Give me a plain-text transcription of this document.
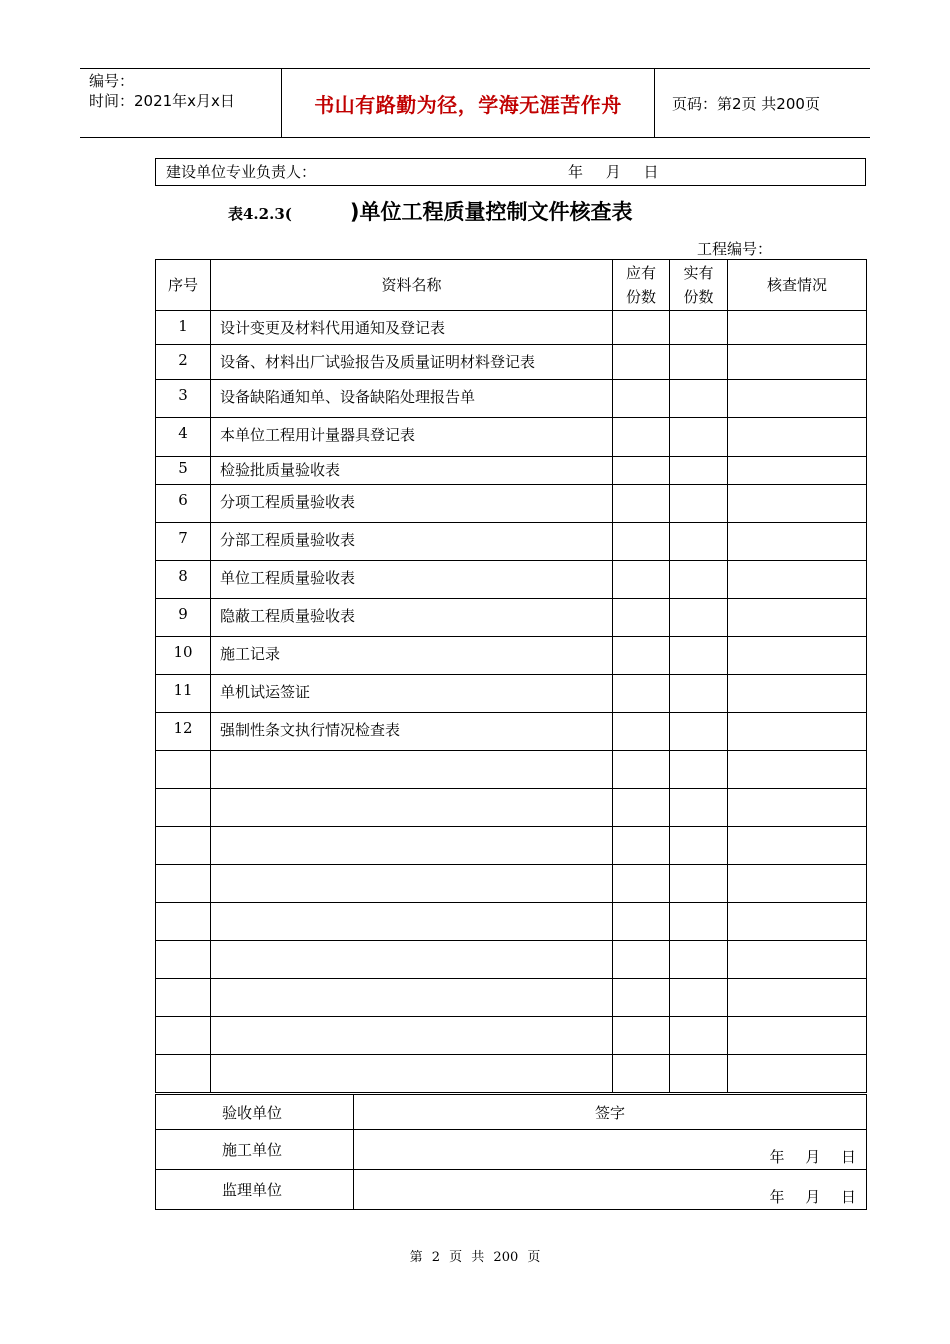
编号：
时间：2021年x月x日	书山有路勤为径，学海无涯苦作舟	页码：第2页 共200页
建设单位专业负责人：	年 月 日
表4.2.3(	)单位工程质量控制文件核查表
工程编号：
序号	资料名称	应有份数	实有份数	核查情况
1	设计变更及材料代用通知及登记表			
2	设备、材料出厂试验报告及质量证明材料登记表			
3	设备缺陷通知单、设备缺陷处理报告单			
4	本单位工程用计量器具登记表			
5	检验批质量验收表			
6	分项工程质量验收表			
7	分部工程质量验收表			
8	单位工程质量验收表			
9	隐蔽工程质量验收表			
10	施工记录			
11	单机试运签证			
12	强制性条文执行情况检查表			

验收单位	签字
施工单位	年 月 日
监理单位	年 月 日
第 2 页 共 200 页
